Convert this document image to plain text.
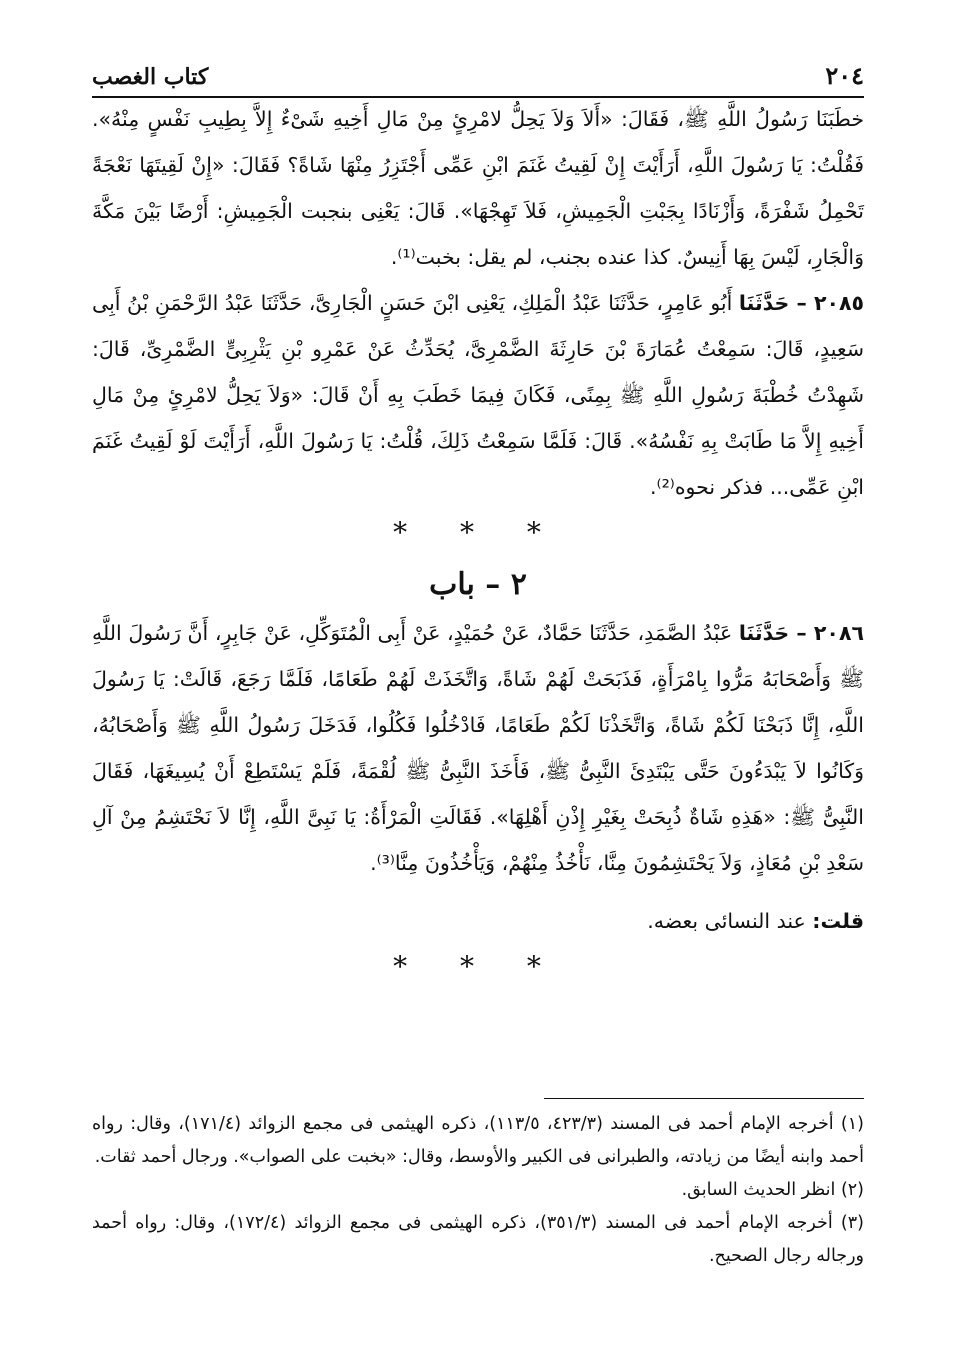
٢٠٤
كتاب الغصب

خطَبَنَا رَسُولُ اللَّهِ ﷺ، فَقَالَ: «أَلاَ وَلاَ يَحِلُّ لامْرِئٍ مِنْ مَالِ أَخِيهِ شَىْءٌ إِلاَّ بِطِيبِ نَفْسٍ مِنْهُ». فَقُلْتُ: يَا رَسُولَ اللَّهِ، أَرَأَيْتَ إِنْ لَقِيتُ غَنَمَ ابْنِ عَمِّى أَجْتَزِرُ مِنْهَا شَاةً؟ فَقَالَ: «إِنْ لَقِيتَهَا نَعْجَةً تَحْمِلُ شَفْرَةً، وَأَزْنَادًا بِجَبْتِ الْجَمِيشِ، فَلاَ تَهِجْهَا». قَالَ: يَعْنِى بنجبت الْجَمِيشِ: أَرْضًا بَيْنَ مَكَّةَ وَالْجَارِ، لَيْسَ بِهَا أَنِيسٌ. كذا عنده بجنب، لم يقل: بخبت⁽¹⁾.

٢٠٨٥ – حَدَّثَنَا أَبُو عَامِرٍ، حَدَّثَنَا عَبْدُ الْمَلِكِ، يَعْنِى ابْنَ حَسَنٍ الْجَارِىَّ، حَدَّثَنَا عَبْدُ الرَّحْمَنِ بْنُ أَبِى سَعِيدٍ، قَالَ: سَمِعْتُ عُمَارَةَ بْنَ حَارِثَةَ الضَّمْرِىَّ، يُحَدِّثُ عَنْ عَمْرِو بْنِ يَثْرِبِىٍّ الضَّمْرِىِّ، قَالَ: شَهِدْتُ خُطْبَةَ رَسُولِ اللَّهِ ﷺ بِمِنًى، فَكَانَ فِيمَا خَطَبَ بِهِ أَنْ قَالَ: «وَلاَ يَحِلُّ لامْرِئٍ مِنْ مَالِ أَخِيهِ إِلاَّ مَا طَابَتْ بِهِ نَفْسُهُ». قَالَ: فَلَمَّا سَمِعْتُ ذَلِكَ، قُلْتُ: يَا رَسُولَ اللَّهِ، أَرَأَيْتَ لَوْ لَقِيتُ غَنَمَ ابْنِ عَمِّى... فذكر نحوه⁽²⁾.

* * *
٢ – باب

٢٠٨٦ – حَدَّثَنَا عَبْدُ الصَّمَدِ، حَدَّثَنَا حَمَّادٌ، عَنْ حُمَيْدٍ، عَنْ أَبِى الْمُتَوَكِّلِ، عَنْ جَابِرٍ، أَنَّ رَسُولَ اللَّهِ ﷺ وَأَصْحَابَهُ مَرُّوا بِامْرَأَةٍ، فَذَبَحَتْ لَهُمْ شَاةً، وَاتَّخَذَتْ لَهُمْ طَعَامًا، فَلَمَّا رَجَعَ، قَالَتْ: يَا رَسُولَ اللَّهِ، إِنَّا ذَبَحْنَا لَكُمْ شَاةً، وَاتَّخَذْنَا لَكُمْ طَعَامًا، فَادْخُلُوا فَكُلُوا، فَدَخَلَ رَسُولُ اللَّهِ ﷺ وَأَصْحَابُهُ، وَكَانُوا لاَ يَبْدَءُونَ حَتَّى يَبْتَدِئَ النَّبِىُّ ﷺ، فَأَخَذَ النَّبِىُّ ﷺ لُقْمَةً، فَلَمْ يَسْتَطِعْ أَنْ يُسِيغَهَا، فَقَالَ النَّبِىُّ ﷺ: «هَذِهِ شَاةٌ ذُبِحَتْ بِغَيْرِ إِذْنِ أَهْلِهَا». فَقَالَتِ الْمَرْأَةُ: يَا نَبِىَّ اللَّهِ، إِنَّا لاَ نَحْتَشِمُ مِنْ آلِ سَعْدِ بْنِ مُعَاذٍ، وَلاَ يَحْتَشِمُونَ مِنَّا، نَأْخُذُ مِنْهُمْ، وَيَأْخُذُونَ مِنَّا⁽³⁾.

قلت: عند النسائى بعضه.

* * *

(١) أخرجه الإمام أحمد فى المسند (٤٢٣/٣، ١١٣/٥)، ذكره الهيثمى فى مجمع الزوائد (١٧١/٤)، وقال: رواه أحمد وابنه أيضًا من زيادته، والطبرانى فى الكبير والأوسط، وقال: «بخبت على الصواب». ورجال أحمد ثقات.

(٢) انظر الحديث السابق.

(٣) أخرجه الإمام أحمد فى المسند (٣٥١/٣)، ذكره الهيثمى فى مجمع الزوائد (١٧٢/٤)، وقال: رواه أحمد ورجاله رجال الصحيح.
